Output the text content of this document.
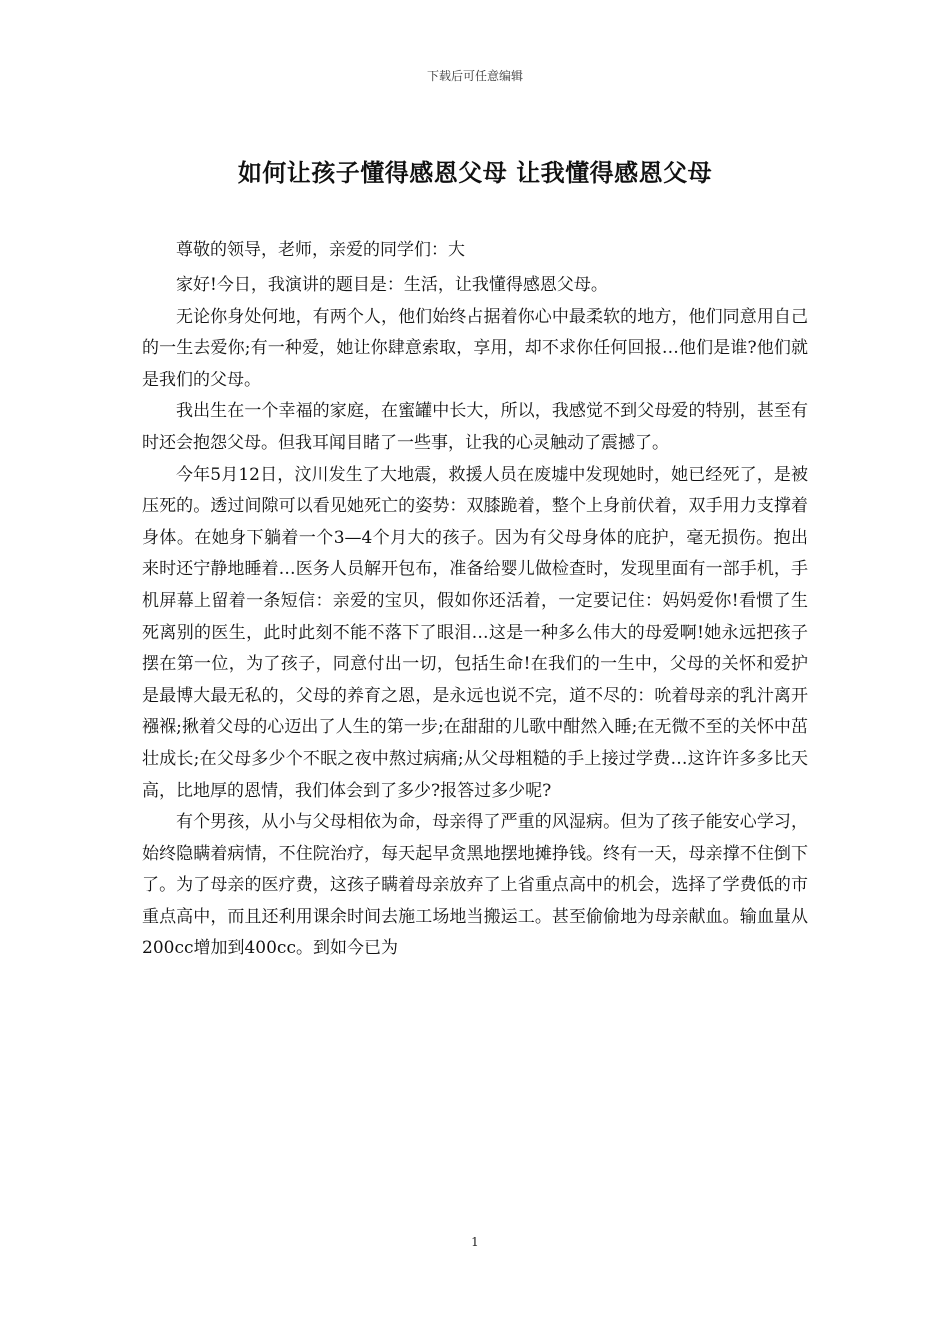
下载后可任意编辑
如何让孩子懂得感恩父母 让我懂得感恩父母

尊敬的领导，老师，亲爱的同学们：大

家好!今日，我演讲的题目是：生活，让我懂得感恩父母。

无论你身处何地，有两个人，他们始终占据着你心中最柔软的地方，他们同意用自己的一生去爱你;有一种爱，她让你肆意索取，享用，却不求你任何回报…他们是谁?他们就是我们的父母。

我出生在一个幸福的家庭，在蜜罐中长大，所以，我感觉不到父母爱的特别，甚至有时还会抱怨父母。但我耳闻目睹了一些事，让我的心灵触动了震撼了。

今年5月12日，汶川发生了大地震，救援人员在废墟中发现她时，她已经死了，是被压死的。透过间隙可以看见她死亡的姿势：双膝跪着，整个上身前伏着，双手用力支撑着身体。在她身下躺着一个3—4个月大的孩子。因为有父母身体的庇护，毫无损伤。抱出来时还宁静地睡着…医务人员解开包布，准备给婴儿做检查时，发现里面有一部手机，手机屏幕上留着一条短信：亲爱的宝贝，假如你还活着，一定要记住：妈妈爱你!看惯了生死离别的医生，此时此刻不能不落下了眼泪…这是一种多么伟大的母爱啊!她永远把孩子摆在第一位，为了孩子，同意付出一切，包括生命!在我们的一生中，父母的关怀和爱护是最博大最无私的，父母的养育之恩，是永远也说不完，道不尽的：吮着母亲的乳汁离开襁褓;揪着父母的心迈出了人生的第一步;在甜甜的儿歌中酣然入睡;在无微不至的关怀中茁壮成长;在父母多少个不眠之夜中熬过病痛;从父母粗糙的手上接过学费…这许许多多比天高，比地厚的恩情，我们体会到了多少?报答过多少呢?

有个男孩，从小与父母相依为命，母亲得了严重的风湿病。但为了孩子能安心学习，始终隐瞒着病情，不住院治疗，每天起早贪黑地摆地摊挣钱。终有一天，母亲撑不住倒下了。为了母亲的医疗费，这孩子瞒着母亲放弃了上省重点高中的机会，选择了学费低的市重点高中，而且还利用课余时间去施工场地当搬运工。甚至偷偷地为母亲献血。输血量从200cc增加到400cc。到如今已为

1
